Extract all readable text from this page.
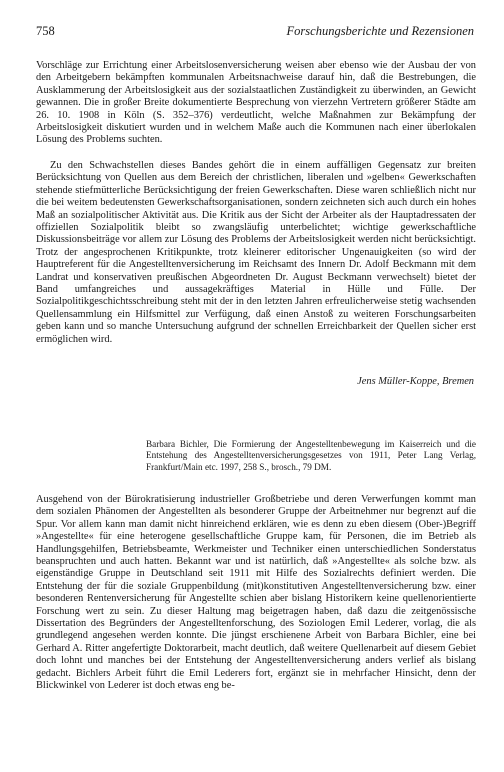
758	Forschungsberichte und Rezensionen

Vorschläge zur Errichtung einer Arbeitslosenversicherung weisen aber ebenso wie der Ausbau der von den Arbeitgebern bekämpften kommunalen Arbeitsnachweise darauf hin, daß die Bestrebungen, die Ausklammerung der Arbeitslosigkeit aus der sozialstaatlichen Zuständigkeit zu überwinden, an Gewicht gewannen. Die in großer Breite dokumentierte Besprechung von vierzehn Vertretern größerer Städte am 26. 10. 1908 in Köln (S. 352–376) verdeutlicht, welche Maßnahmen zur Bekämpfung der Arbeitslosigkeit diskutiert wurden und in welchem Maße auch die Kommunen nach einer überlokalen Lösung des Problems suchten.

Zu den Schwachstellen dieses Bandes gehört die in einem auffälligen Gegensatz zur breiten Berücksichtung von Quellen aus dem Bereich der christlichen, liberalen und »gelben« Gewerkschaften stehende stiefmütterliche Berücksichtigung der freien Gewerkschaften. Diese waren schließlich nicht nur die bei weitem bedeutensten Gewerkschaftsorganisationen, sondern zeichneten sich auch durch ein hohes Maß an sozialpolitischer Aktivität aus. Die Kritik aus der Sicht der Arbeiter als der Hauptadressaten der offiziellen Sozialpolitik bleibt so zwangsläufig unterbelichtet; wichtige gewerkschaftliche Diskussionsbeiträge vor allem zur Lösung des Problems der Arbeitslosigkeit werden nicht berücksichtigt. Trotz der angesprochenen Kritikpunkte, trotz kleinerer editorischer Ungenauigkeiten (so wird der Hauptreferent für die Angestelltenversicherung im Reichsamt des Innern Dr. Adolf Beckmann mit dem Landrat und konservativen preußischen Abgeordneten Dr. August Beckmann verwechselt) bietet der Band umfangreiches und aussagekräftiges Material in Hülle und Fülle. Der Sozialpolitikgeschichtsschreibung steht mit der in den letzten Jahren erfreulicherweise stetig wachsenden Quellensammlung ein Hilfsmittel zur Verfügung, daß einen Anstoß zu weiteren Forschungsarbeiten geben kann und so manche Untersuchung aufgrund der schnellen Erreichbarkeit der Quellen sicher erst ermöglichen wird.

Jens Müller-Koppe, Bremen

Barbara Bichler, Die Formierung der Angestelltenbewegung im Kaiserreich und die Entstehung des Angestelltenversicherungsgesetzes von 1911, Peter Lang Verlag, Frankfurt/Main etc. 1997, 258 S., brosch., 79 DM.

Ausgehend von der Bürokratisierung industrieller Großbetriebe und deren Verwerfungen kommt man dem sozialen Phänomen der Angestellten als besonderer Gruppe der Arbeitnehmer nur begrenzt auf die Spur. Vor allem kann man damit nicht hinreichend erklären, wie es denn zu eben diesem (Ober-)Begriff »Angestellte« für eine heterogene gesellschaftliche Gruppe kam, für Personen, die im Betrieb als Handlungsgehilfen, Betriebsbeamte, Werkmeister und Techniker einen unterschiedlichen Sonderstatus beanspruchten und auch hatten. Bekannt war und ist natürlich, daß »Angestellte« als solche bzw. als eigenständige Gruppe in Deutschland seit 1911 mit Hilfe des Sozialrechts definiert werden. Die Entstehung der für die soziale Gruppenbildung (mit)konstitutiven Angestelltenversicherung bzw. einer besonderen Rentenversicherung für Angestellte schien aber bislang Historikern keine quellenorientierte Forschung wert zu sein. Zu dieser Haltung mag beigetragen haben, daß dazu die zeitgenössische Dissertation des Begründers der Angestelltenforschung, des Soziologen Emil Lederer, vorlag, die als grundlegend angesehen werden konnte. Die jüngst erschienene Arbeit von Barbara Bichler, eine bei Gerhard A. Ritter angefertigte Doktorarbeit, macht deutlich, daß weitere Quellenarbeit auf diesem Gebiet doch lohnt und manches bei der Entstehung der Angestelltenversicherung anders verlief als bislang gedacht. Bichlers Arbeit führt die Emil Lederers fort, ergänzt sie in mehrfacher Hinsicht, denn der Blickwinkel von Lederer ist doch etwas eng be-
